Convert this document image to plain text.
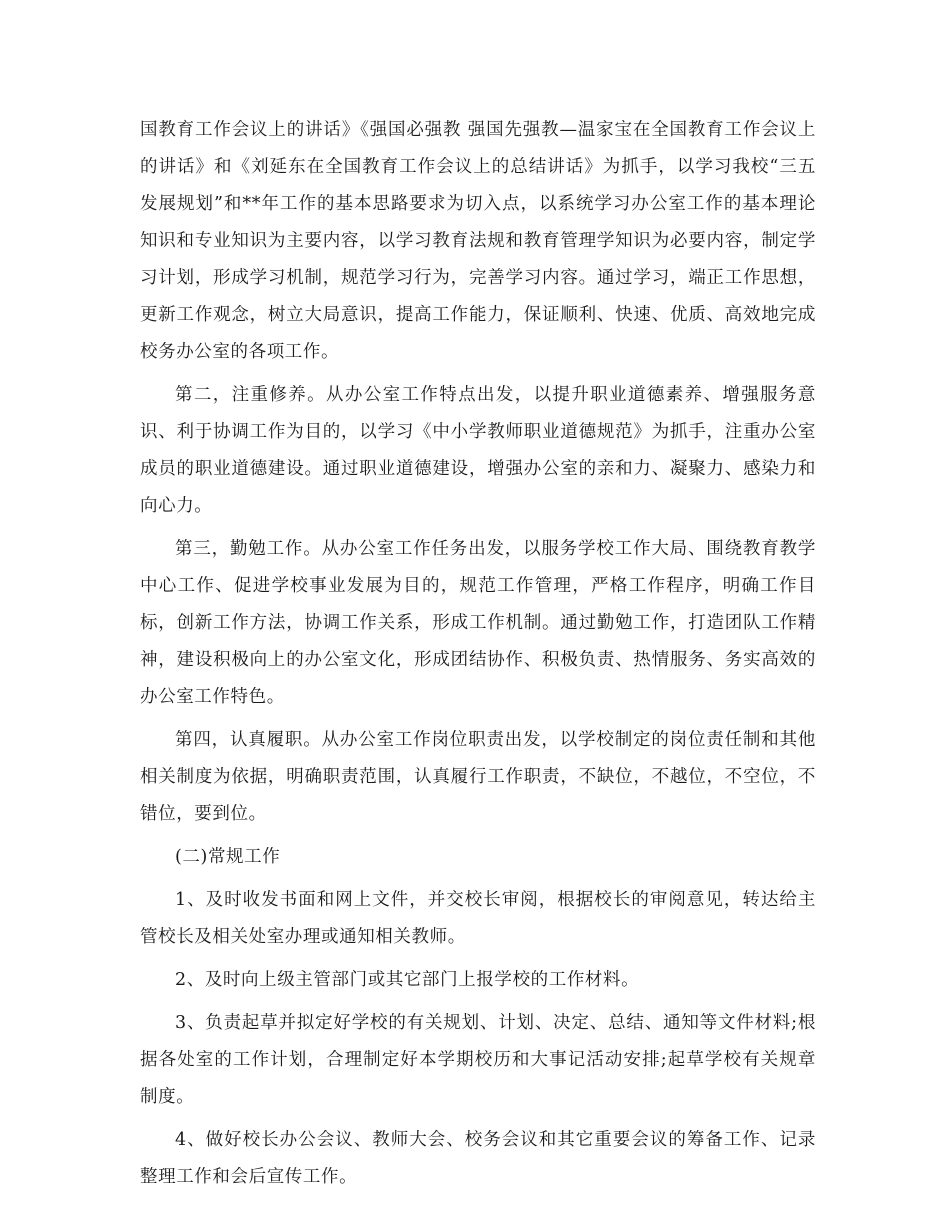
国教育工作会议上的讲话》《强国必强教 强国先强教—温家宝在全国教育工作会议上的讲话》和《刘延东在全国教育工作会议上的总结讲话》为抓手，以学习我校“三五发展规划”和**年工作的基本思路要求为切入点，以系统学习办公室工作的基本理论知识和专业知识为主要内容，以学习教育法规和教育管理学知识为必要内容，制定学习计划，形成学习机制，规范学习行为，完善学习内容。通过学习，端正工作思想，更新工作观念，树立大局意识，提高工作能力，保证顺利、快速、优质、高效地完成校务办公室的各项工作。

第二，注重修养。从办公室工作特点出发，以提升职业道德素养、增强服务意识、利于协调工作为目的，以学习《中小学教师职业道德规范》为抓手，注重办公室成员的职业道德建设。通过职业道德建设，增强办公室的亲和力、凝聚力、感染力和向心力。

第三，勤勉工作。从办公室工作任务出发，以服务学校工作大局、围绕教育教学中心工作、促进学校事业发展为目的，规范工作管理，严格工作程序，明确工作目标，创新工作方法，协调工作关系，形成工作机制。通过勤勉工作，打造团队工作精神，建设积极向上的办公室文化，形成团结协作、积极负责、热情服务、务实高效的办公室工作特色。

第四，认真履职。从办公室工作岗位职责出发，以学校制定的岗位责任制和其他相关制度为依据，明确职责范围，认真履行工作职责，不缺位，不越位，不空位，不错位，要到位。

(二)常规工作

1、及时收发书面和网上文件，并交校长审阅，根据校长的审阅意见，转达给主管校长及相关处室办理或通知相关教师。

2、及时向上级主管部门或其它部门上报学校的工作材料。

3、负责起草并拟定好学校的有关规划、计划、决定、总结、通知等文件材料;根据各处室的工作计划，合理制定好本学期校历和大事记活动安排;起草学校有关规章制度。

4、做好校长办公会议、教师大会、校务会议和其它重要会议的筹备工作、记录整理工作和会后宣传工作。
